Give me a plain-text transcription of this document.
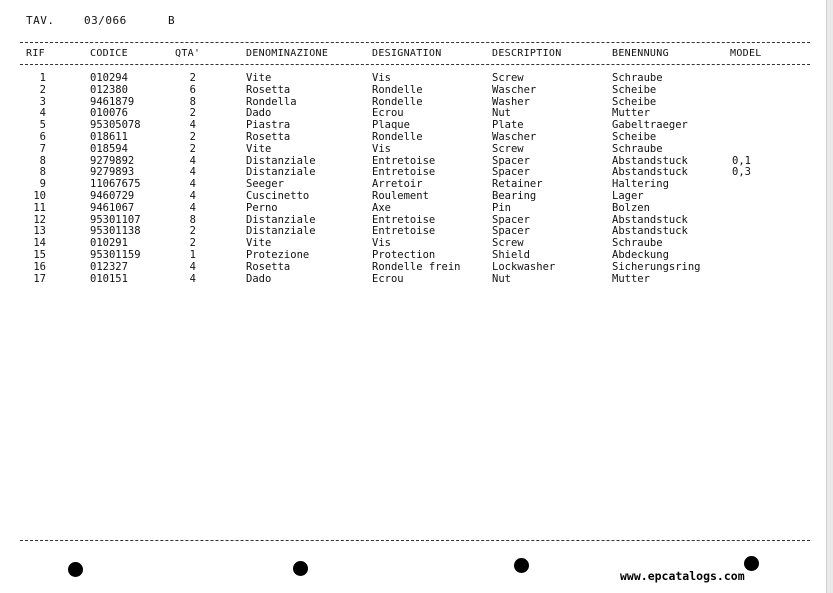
TAV.	03/066	B
RIF	CODICE	QTA'	DENOMINAZIONE	DESIGNATION	DESCRIPTION	BENENNUNG	MODEL
1	010294	2	Vite	Vis	Screw	Schraube
2	012380	6	Rosetta	Rondelle	Wascher	Scheibe
3	9461879	8	Rondella	Rondelle	Washer	Scheibe
4	010076	2	Dado	Ecrou	Nut	Mutter
5	95305078	4	Piastra	Plaque	Plate	Gabeltraeger
6	018611	2	Rosetta	Rondelle	Wascher	Scheibe
7	018594	2	Vite	Vis	Screw	Schraube
8	9279892	4	Distanziale	Entretoise	Spacer	Abstandstuck	0,1
8	9279893	4	Distanziale	Entretoise	Spacer	Abstandstuck	0,3
9	11067675	4	Seeger	Arretoir	Retainer	Haltering
10	9460729	4	Cuscinetto	Roulement	Bearing	Lager
11	9461067	4	Perno	Axe	Pin	Bolzen
12	95301107	8	Distanziale	Entretoise	Spacer	Abstandstuck
13	95301138	2	Distanziale	Entretoise	Spacer	Abstandstuck
14	010291	2	Vite	Vis	Screw	Schraube
15	95301159	1	Protezione	Protection	Shield	Abdeckung
16	012327	4	Rosetta	Rondelle frein	Lockwasher	Sicherungsring
17	010151	4	Dado	Ecrou	Nut	Mutter
www.epcatalogs.com
